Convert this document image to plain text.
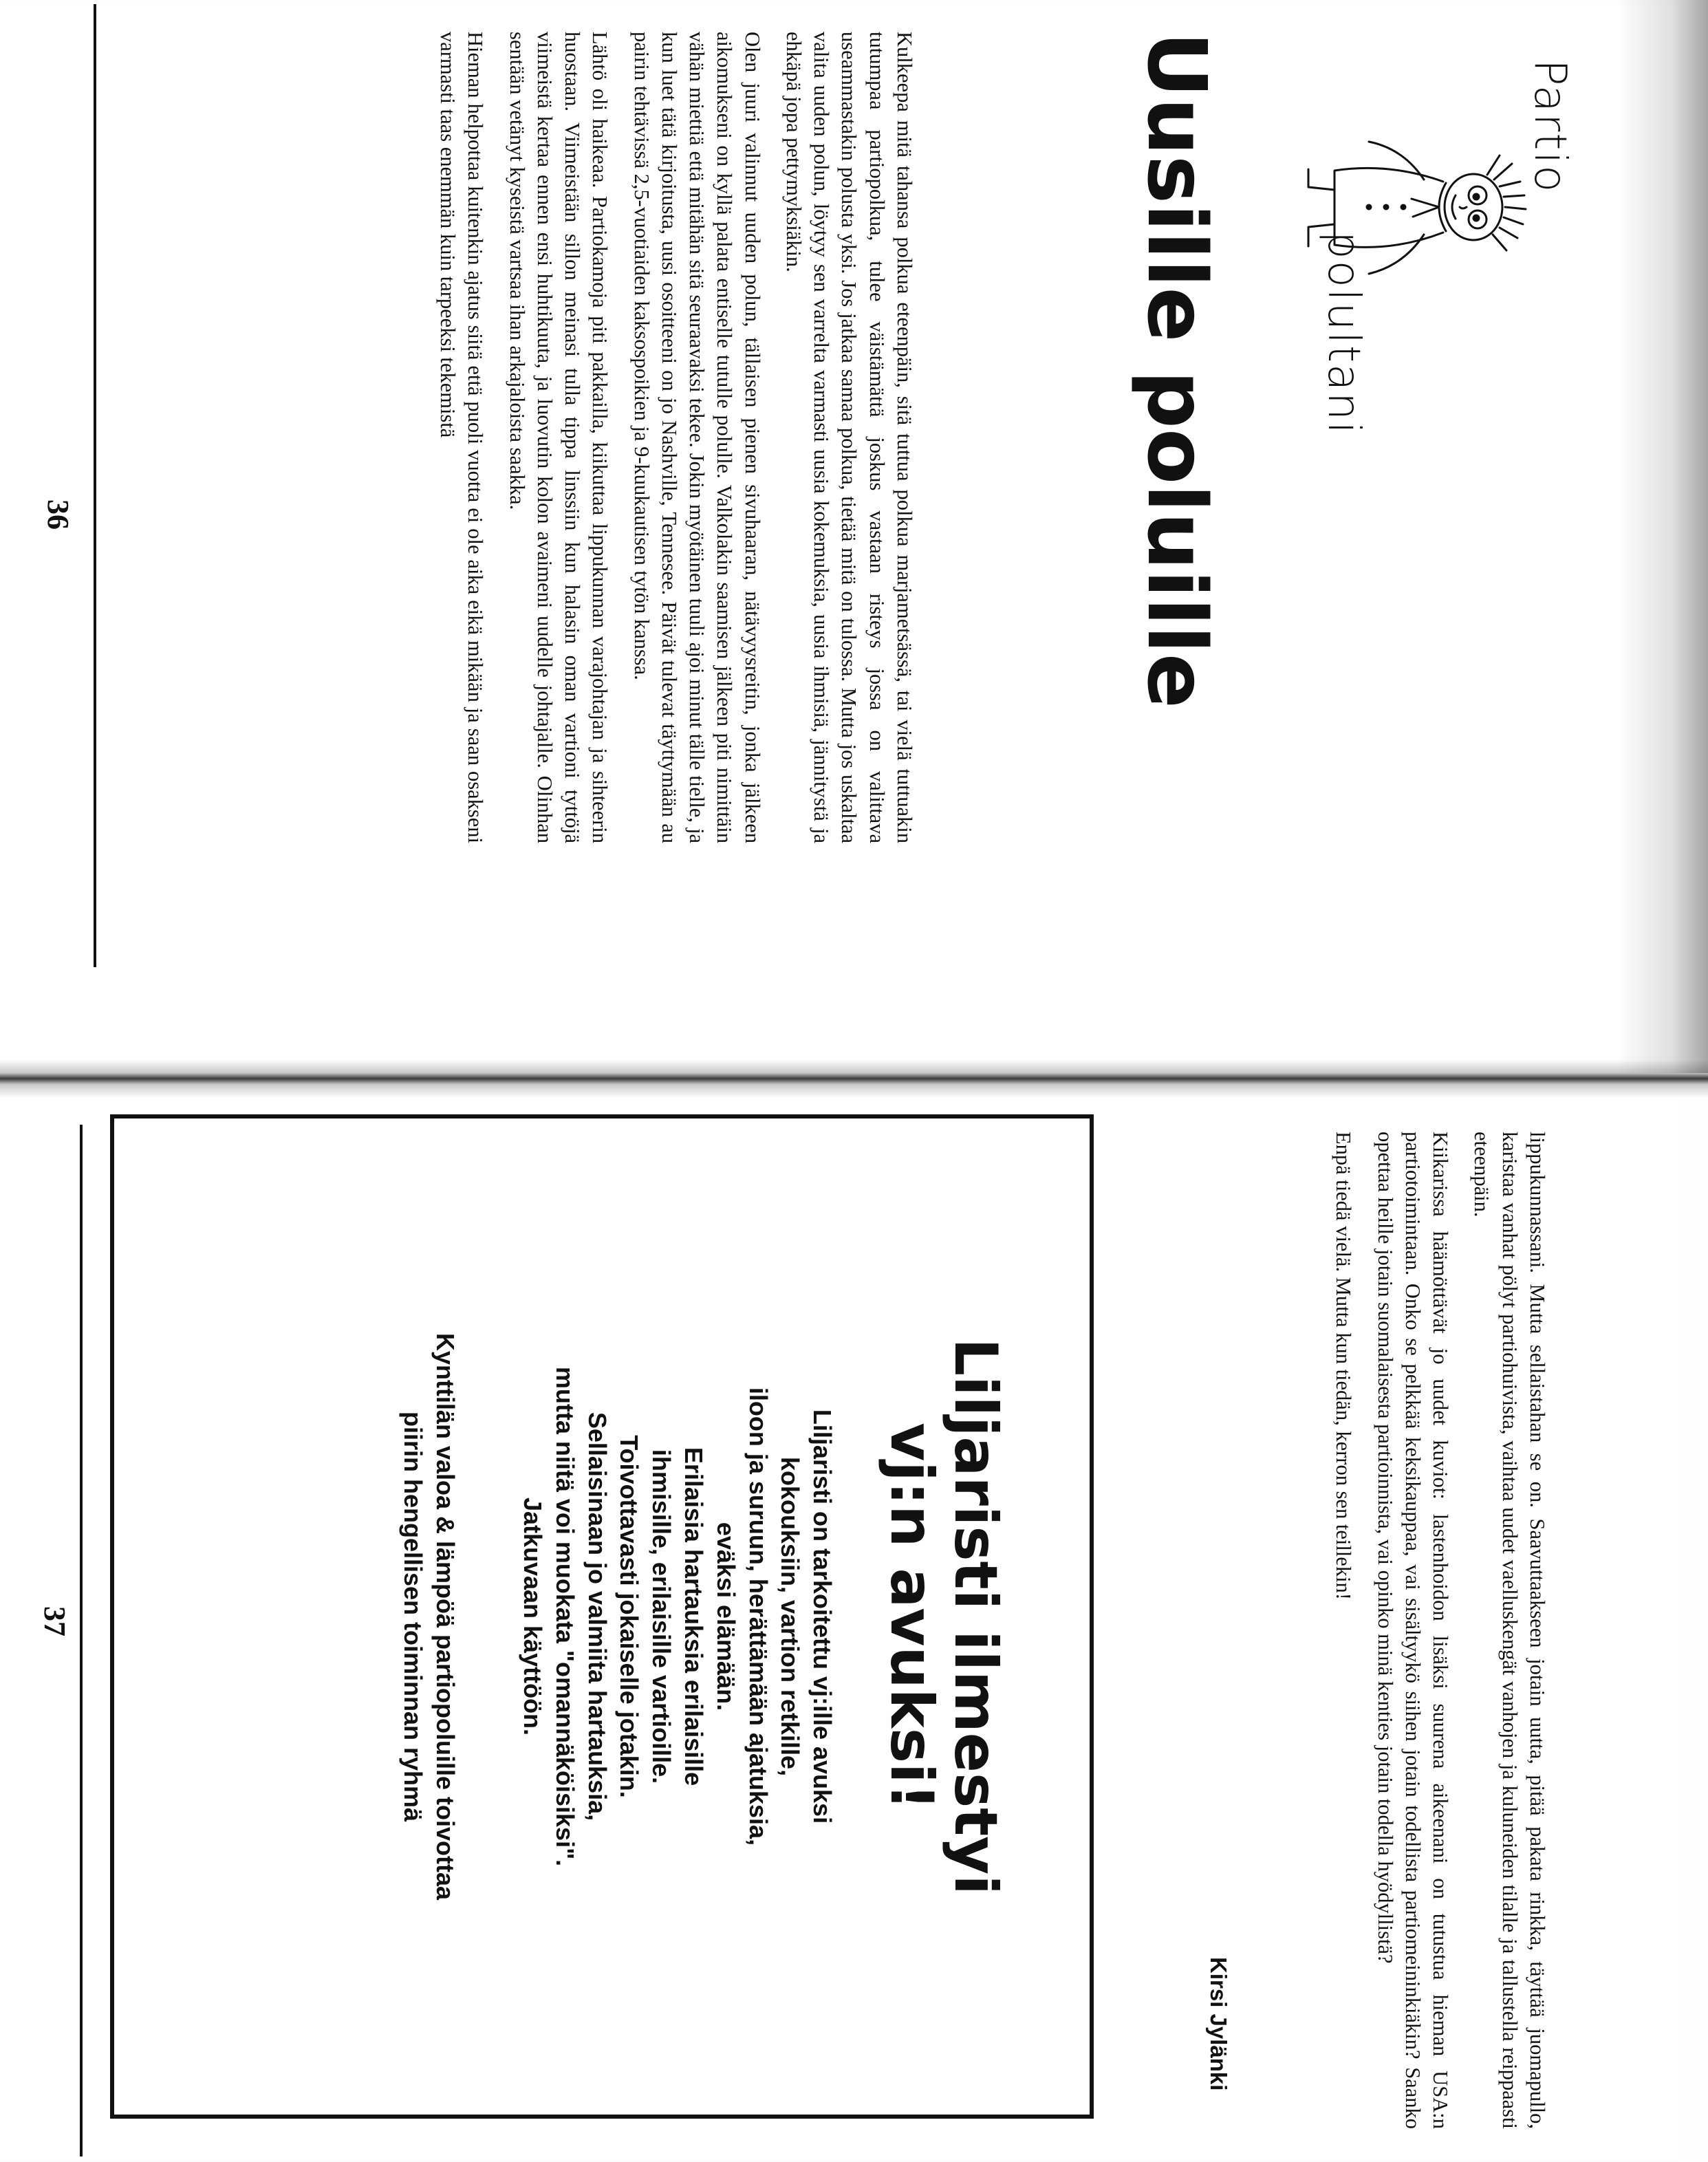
Partio
polultani
Uusille poluille

Kulkeepa mitä tahansa polkua eteenpäin, sitä tuttua polkua marjametsässä, tai vielä tuttuakin tutumpaa partiopolkua, tulee väistämättä joskus vastaan risteys jossa on valittava useammastakin polusta yksi. Jos jatkaa samaa polkua, tietää mitä on tulossa. Mutta jos uskaltaa valita uuden polun, löytyy sen varrelta varmasti uusia kokemuksia, uusia ihmisiä, jännitystä ja ehkäpä jopa pettymyksiäkin.

Olen juuri valinnut uuden polun, tällaisen pienen sivuhaaran, nätävyysreitin, jonka jälkeen aikomukseni on kyllä palata entiselle tutulle polulle. Valkolakin saamisen jälkeen piti nimittäin vähän miettiä että mitähän sitä seuraavaksi tekee. Jokin myötäinen tuuli ajoi minut tälle tielle, ja kun luet tätä kirjoitusta, uusi osoitteeni on jo Nashville, Tennesee. Päivät tulevat täyttymään au pairin tehtävissä 2,5-vuotiaiden kaksospoikien ja 9-kuukautisen tytön kanssa.

Lähtö oli haikeaa. Partiokamoja piti pakkailla, kiikuttaa lippukunnan varajohtajan ja sihteerin huostaan. Viimeistään sillon meinasi tulla tippa linssiin kun halasin oman vartioni tyttöjä viimeistä kertaa ennen ensi huhtikuuta, ja luovutin kolon avaimeni uudelle johtajalle. Olinhan sentään vetänyt kyseistä vartsaa ihan arkajaloista saakka.

Hieman helpottaa kuitenkin ajatus siitä että puoli vuotta ei ole aika eikä mikään ja saan osakseni varmasti taas enemmän kuin tarpeeksi tekemistä

36

lippukunnassani. Mutta sellaistahan se on. Saavuttaakseen jotain uutta, pitää pakata rinkka, täyttää juomapullo, karistaa vanhat pölyt partiohuivista, vaihtaa uudet vaelluskengät vanhojen ja kuluneiden tilalle ja tallustella reippaasti eteenpäin.

Kiikarissa häämöttävät jo uudet kuviot: lastenhoidon lisäksi suurena aikeenani on tutustua hieman USA:n partiotoimintaan. Onko se pelkkää keksikauppaa, vai sisältyykö siihen jotain todellista partiomeininkiäkin? Saanko opettaa heille jotain suomalaisesta partioinnista, vai opinko minä kenties jotain todella hyödyllistä?

Enpä tiedä vielä. Mutta kun tiedän, kerron sen teillekin!

Kirsi Jylänki
Liljaristi ilmestyi
vj:n avuksi!
Liljaristi on tarkoitettu vj:ille avuksi
kokouksiin, vartion retkille,
iloon ja suruun, herättämään ajatuksia,
eväksi elämään.
Erilaisia hartauksia erilaisille
ihmisille, erilaisille vartioille.
Toivottavasti jokaiselle jotakin.
Sellaisinaan jo valmiita hartauksia,
mutta niitä voi muokata "omannäköisiksi".
Jatkuvaan käyttöön.
Kynttilän valoa & lämpöä partiopoluille toivottaa
piirin hengellisen toiminnan ryhmä
37
